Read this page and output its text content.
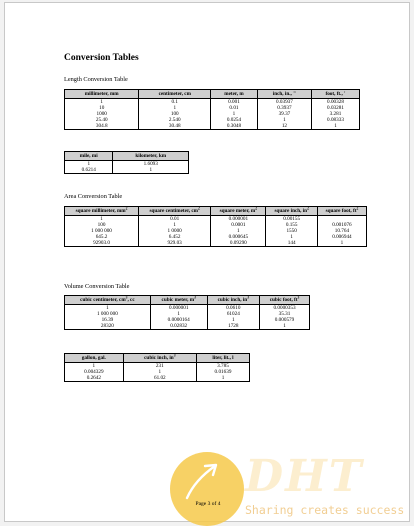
Conversion Tables
Length Conversion Table
millimeter, mm	centimeter, cm	meter, m	inch, in., "	foot, ft., '
1	0.1	0.001	0.03937	0.00328
10	1	0.01	0.3937	0.03281
1000	100	1	39.37	3.281
25.40	2.540	0.0254	1	0.08333
304.8	30.48	0.3048	12	1
mile, mi	kilometer, km
1	1.6093
0.6214	1
Area Conversion Table
square millimeter, $mm^2$	square centimeter, $cm^2$	square meter, $m^2$	square inch, $in^2$	square foot, $ft^2$
1	0.01	0.000001	0.00155	
100	1	0.0001	0.155	0.001076
1 000 000	1 0000	1	1550	10.764
645.2	6.452	0.000645	1	0.006944
92903.0	929.03	0.09290	144	1
Volume Conversion Table
cubic centimeter, $cm^3$, cc	cubic meter, $m^3$	cubic inch, $in^3$	cubic foot, $ft^3$
1	0.000001	0.0610	0.0000353
1 000 000	1	61024	35.31
16.39	0.0000164	1	0.000579
28320	0.02832	1728	1
gallon, gal.	cubic inch, $in^3$	liter, lit., l
1	231	3.785
0.004329	1	0.01639
0.2642	61.02	1
DHT
Sharing creates success
Page 3 of 4
